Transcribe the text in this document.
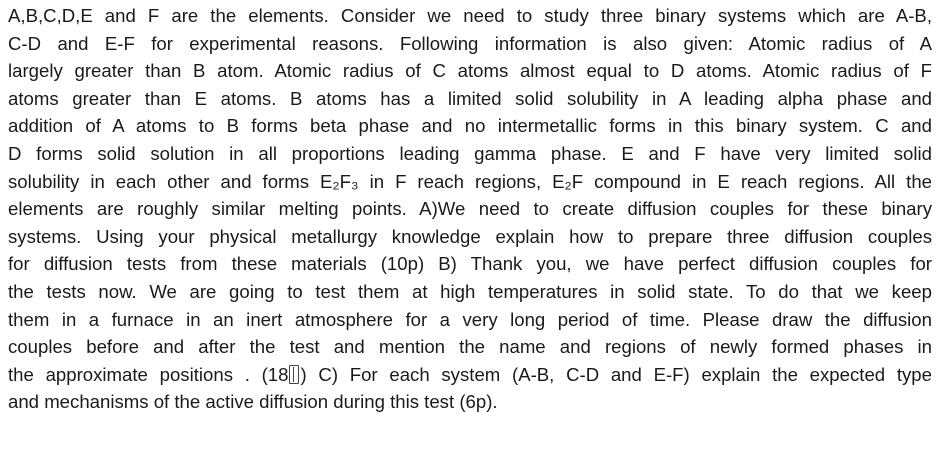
A,B,C,D,E and F are the elements. Consider we need to study three binary systems which are A-B,
C-D and E-F for experimental reasons. Following information is also given: Atomic radius of A
largely greater than B atom. Atomic radius of C atoms almost equal to D atoms. Atomic radius of F
atoms greater than E atoms. B atoms has a limited solid solubility in A leading alpha phase and
addition of A atoms to B forms beta phase and no intermetallic forms in this binary system. C and
D forms solid solution in all proportions leading gamma phase. E and F have very limited solid
solubility in each other and forms E₂F₃ in F reach regions, E₂F compound in E reach regions. All the
elements are roughly similar melting points. A)We need to create diffusion couples for these binary
systems. Using your physical metallurgy knowledge explain how to prepare three diffusion couples
for diffusion tests from these materials (10p) B) Thank you, we have perfect diffusion couples for
the tests now. We are going to test them at high temperatures in solid state. To do that we keep
them in a furnace in an inert atmosphere for a very long period of time. Please draw the diffusion
couples before and after the test and mention the name and regions of newly formed phases in
the approximate positions . (18 ) C) For each system (A-B, C-D and E-F) explain the expected type
and mechanisms of the active diffusion during this test (6p).
